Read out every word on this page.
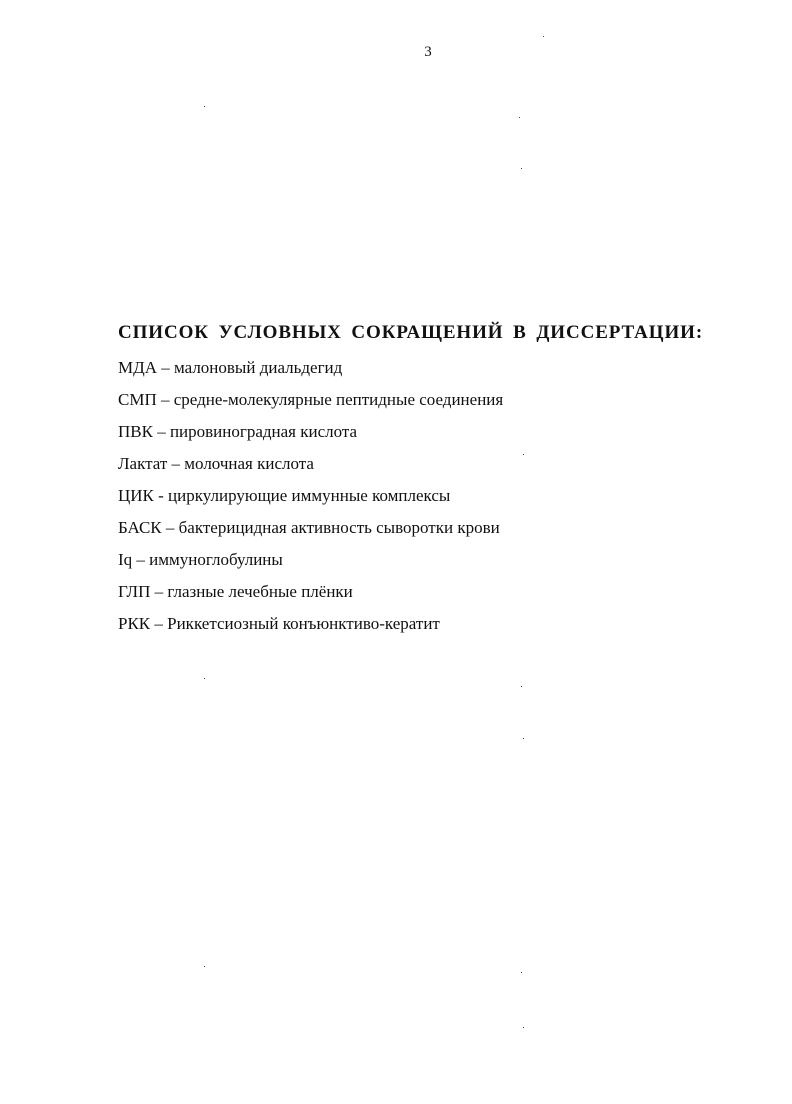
3
СПИСОК УСЛОВНЫХ СОКРАЩЕНИЙ В ДИССЕРТАЦИИ:
МДА – малоновый диальдегид
СМП – средне-молекулярные пептидные соединения
ПВК – пировиноградная кислота
Лактат – молочная кислота
ЦИК - циркулирующие иммунные комплексы
БАСК – бактерицидная активность сыворотки крови
Iq – иммуноглобулины
ГЛП – глазные лечебные плёнки
РКК – Риккетсиозный конъюнктиво-кератит
